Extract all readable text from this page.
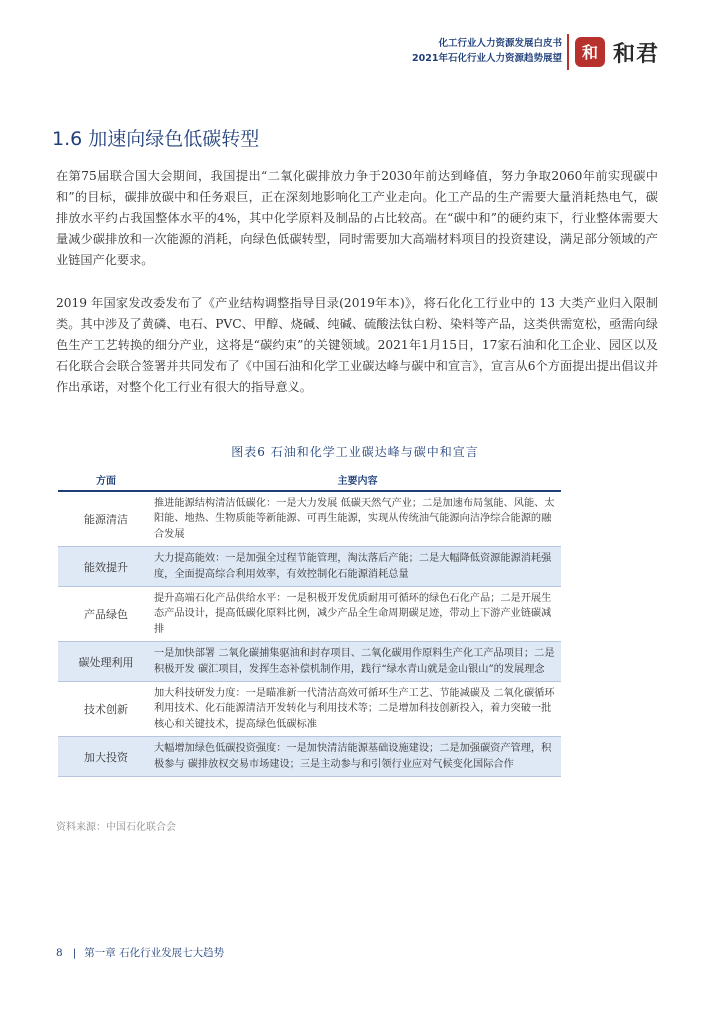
化工行业人力资源发展白皮书
2021年石化行业人力资源趋势展望 和 和君
1.6 加速向绿色低碳转型
在第75届联合国大会期间，我国提出“二氧化碳排放力争于2030年前达到峰值，努力争取2060年前实现碳中和”的目标，碳排放碳中和任务艰巨，正在深刻地影响化工产业走向。化工产品的生产需要大量消耗热电气，碳排放水平约占我国整体水平的4%，其中化学原料及制品的占比较高。在“碳中和”的硬约束下，行业整体需要大量减少碳排放和一次能源的消耗，向绿色低碳转型，同时需要加大高端材料项目的投资建设，满足部分领域的产业链国产化要求。
2019 年国家发改委发布了《产业结构调整指导目录(2019年本)》，将石化化工行业中的 13 大类产业归入限制类。其中涉及了黄磷、电石、PVC、甲醇、烧碱、纯碱、硫酸法钛白粉、染料等产品，这类供需宽松，亟需向绿色生产工艺转换的细分产业，这将是“碳约束”的关键领域。2021年1月15日，17家石油和化工企业、园区以及石化联合会联合签署并共同发布了《中国石油和化学工业碳达峰与碳中和宣言》，宣言从6个方面提出提出倡议并作出承诺，对整个化工行业有很大的指导意义。
图表6 石油和化学工业碳达峰与碳中和宣言
方面	主要内容
能源清洁
推进能源结构清洁低碳化：一是大力发展 低碳天然气产业；二是加速布局氢能、风能、太阳能、地热、生物质能等新能源、可再生能源，实现从传统油气能源向洁净综合能源的融合发展
能效提升
大力提高能效：一是加强全过程节能管理，淘汰落后产能；二是大幅降低资源能源消耗强度，全面提高综合利用效率，有效控制化石能源消耗总量
产品绿色
提升高端石化产品供给水平：一是积极开发优质耐用可循环的绿色石化产品；二是开展生态产品设计，提高低碳化原料比例，减少产品全生命周期碳足迹，带动上下游产业链碳减排
碳处理利用
一是加快部署 二氧化碳捕集驱油和封存项目、二氧化碳用作原料生产化工产品项目；二是积极开发 碳汇项目，发挥生态补偿机制作用，践行“绿水青山就是金山银山”的发展理念
技术创新
加大科技研发力度：一是瞄准新一代清洁高效可循环生产工艺、节能减碳及 二氧化碳循环利用技术、化石能源清洁开发转化与利用技术等；二是增加科技创新投入，着力突破一批核心和关键技术，提高绿色低碳标准
加大投资
大幅增加绿色低碳投资强度：一是加快清洁能源基础设施建设；二是加强碳资产管理，积极参与 碳排放权交易市场建设；三是主动参与和引领行业应对气候变化国际合作
资料来源：中国石化联合会
8 | 第一章 石化行业发展七大趋势
